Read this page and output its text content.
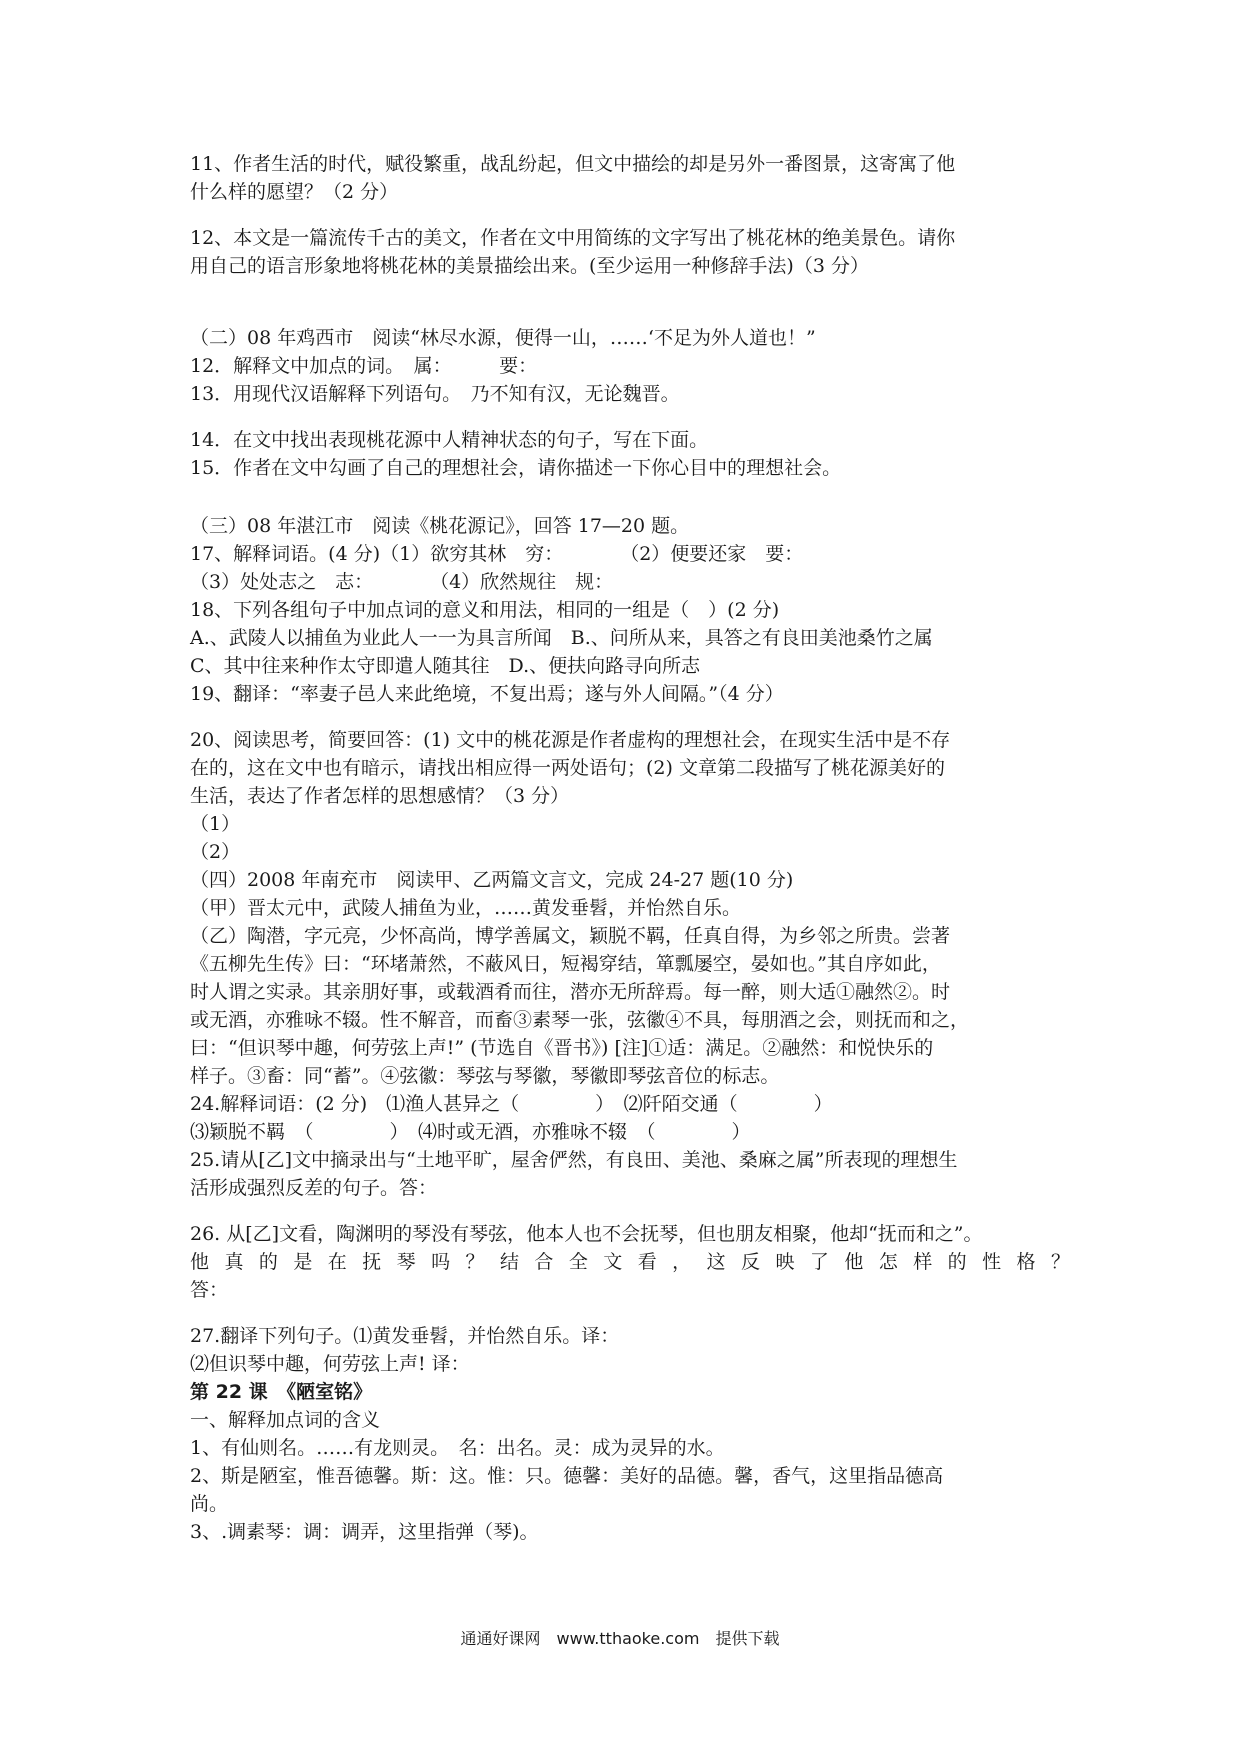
11、作者生活的时代，赋役繁重，战乱纷起，但文中描绘的却是另外一番图景，这寄寓了他
什么样的愿望？（2 分）
12、本文是一篇流传千古的美文，作者在文中用简练的文字写出了桃花林的绝美景色。请你
用自己的语言形象地将桃花林的美景描绘出来。(至少运用一种修辞手法)（3 分）
（二）08 年鸡西市　阅读“林尽水源，便得一山，……‘不足为外人道也！”
12．解释文中加点的词。　属：　　　要：
13．用现代汉语解释下列语句。　乃不知有汉，无论魏晋。
14．在文中找出表现桃花源中人精神状态的句子，写在下面。
15．作者在文中勾画了自己的理想社会，请你描述一下你心目中的理想社会。
（三）08 年湛江市　阅读《桃花源记》，回答 17—20 题。
17、解释词语。(4 分)（1）欲穷其林　穷：　　　　（2）便要还家　要：
（3）处处志之　志：　　　　（4）欣然规往　规：
18、下列各组句子中加点词的意义和用法，相同的一组是（　）(2 分)
A.、武陵人以捕鱼为业此人一一为具言所闻　B.、问所从来，具答之有良田美池桑竹之属
C、其中往来种作太守即遣人随其往　D.、便扶向路寻向所志
19、翻译：“率妻子邑人来此绝境，不复出焉；遂与外人间隔。”（4 分）
20、阅读思考，简要回答：(1) 文中的桃花源是作者虚构的理想社会，在现实生活中是不存
在的，这在文中也有暗示，请找出相应得一两处语句；(2) 文章第二段描写了桃花源美好的
生活，表达了作者怎样的思想感情？（3 分）
（1）
（2）
（四）2008 年南充市　阅读甲、乙两篇文言文，完成 24-27 题(10 分)
（甲）晋太元中，武陵人捕鱼为业，……黄发垂髫，并怡然自乐。
（乙）陶潜，字元亮，少怀高尚，博学善属文，颖脱不羁，任真自得，为乡邻之所贵。尝著
《五柳先生传》曰：“环堵萧然，不蔽风日，短褐穿结，箪瓢屡空，晏如也。”其自序如此，
时人谓之实录。其亲朋好事，或载酒肴而往，潜亦无所辞焉。每一醉，则大适①融然②。时
或无酒，亦雅咏不辍。性不解音，而畜③素琴一张，弦徽④不具，每朋酒之会，则抚而和之，
曰：“但识琴中趣，何劳弦上声!” (节选自《晋书》) [注]①适：满足。②融然：和悦快乐的
样子。③畜：同“蓄”。④弦徽：琴弦与琴徽，琴徽即琴弦音位的标志。
24.解释词语：(2 分)　⑴渔人甚异之（　　　　）　⑵阡陌交通（　　　　）
⑶颖脱不羁　（　　　　）　⑷时或无酒，亦雅咏不辍　（　　　　）
25.请从[乙]文中摘录出与“土地平旷，屋舍俨然，有良田、美池、桑麻之属”所表现的理想生
活形成强烈反差的句子。答：
26. 从[乙]文看，陶渊明的琴没有琴弦，他本人也不会抚琴，但也朋友相聚，他却“抚而和之”。
他真的是在抚琴吗？结合全文看，这反映了他怎样的性格？
答：
27.翻译下列句子。⑴黄发垂髫，并怡然自乐。译：
⑵但识琴中趣，何劳弦上声! 译：
第 22 课　《陋室铭》
一、解释加点词的含义
1、有仙则名。……有龙则灵。　名：出名。灵：成为灵异的水。
2、斯是陋室，惟吾德馨。斯：这。惟：只。德馨：美好的品德。馨，香气，这里指品德高
尚。
3、.调素琴：调：调弄，这里指弹（琴)。
通通好课网　www.tthaoke.com　提供下载
